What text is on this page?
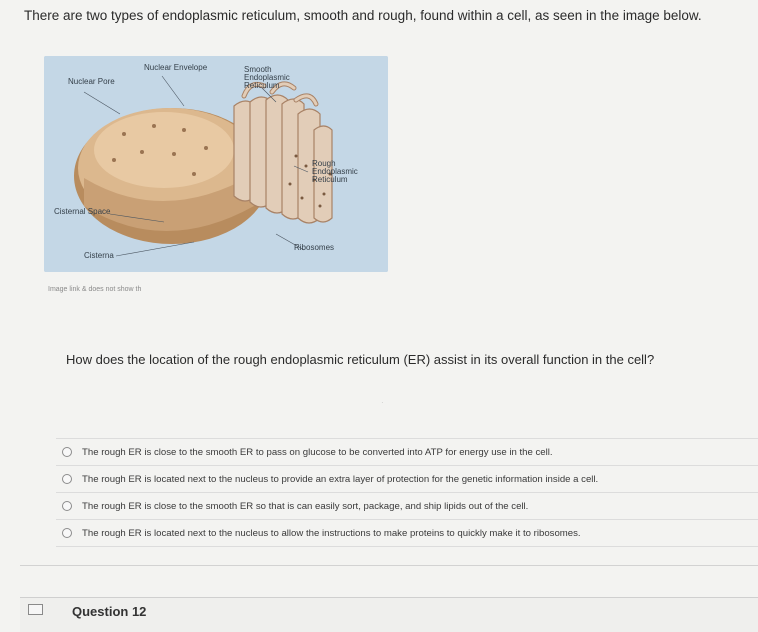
There are two types of endoplasmic reticulum, smooth and rough, found within a cell, as seen in the image below.
Nuclear Pore
Nuclear Envelope	Smooth Endoplasmic Reticulum
Rough Endoplasmic Reticulum
Cisternal Space
Cisterna
Ribosomes
Image link & does not show th
How does the location of the rough endoplasmic reticulum (ER) assist in its overall function in the cell?
·
The rough ER is close to the smooth ER to pass on glucose to be converted into ATP for energy use in the cell.
The rough ER is located next to the nucleus to provide an extra layer of protection for the genetic information inside a cell.
The rough ER is close to the smooth ER so that is can easily sort, package, and ship lipids out of the cell.
The rough ER is located next to the nucleus to allow the instructions to make proteins to quickly make it to ribosomes.
Question 12
